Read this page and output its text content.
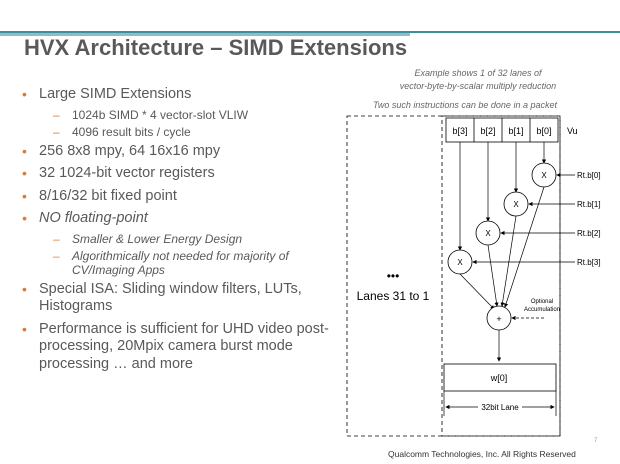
HVX Architecture – SIMD Extensions
• Large SIMD Extensions
– 1024b SIMD * 4 vector-slot VLIW
– 4096 result bits / cycle
• 256 8x8 mpy, 64 16x16 mpy
• 32 1024-bit vector registers
• 8/16/32 bit fixed point
• NO floating-point
– Smaller & Lower Energy Design
– Algorithmically not needed for majority of CV/Imaging Apps
• Special ISA: Sliding window filters, LUTs, Histograms
• Performance is sufficient for UHD video post-processing, 20Mpix camera burst mode processing … and more
Example shows 1 of 32 lanes of
vector-byte-by-scalar multiply reduction
Two such instructions can be done in a packet
•••
Lanes 31 to 1
b[3] b[2] b[1] b[0] Vu
X
X
X
X
Rt.b[0]
Rt.b[1]
Rt.b[2]
Rt.b[3]
+
Optional
Accumulation
w[0]
32bit Lane
7
Qualcomm Technologies, Inc. All Rights Reserved
